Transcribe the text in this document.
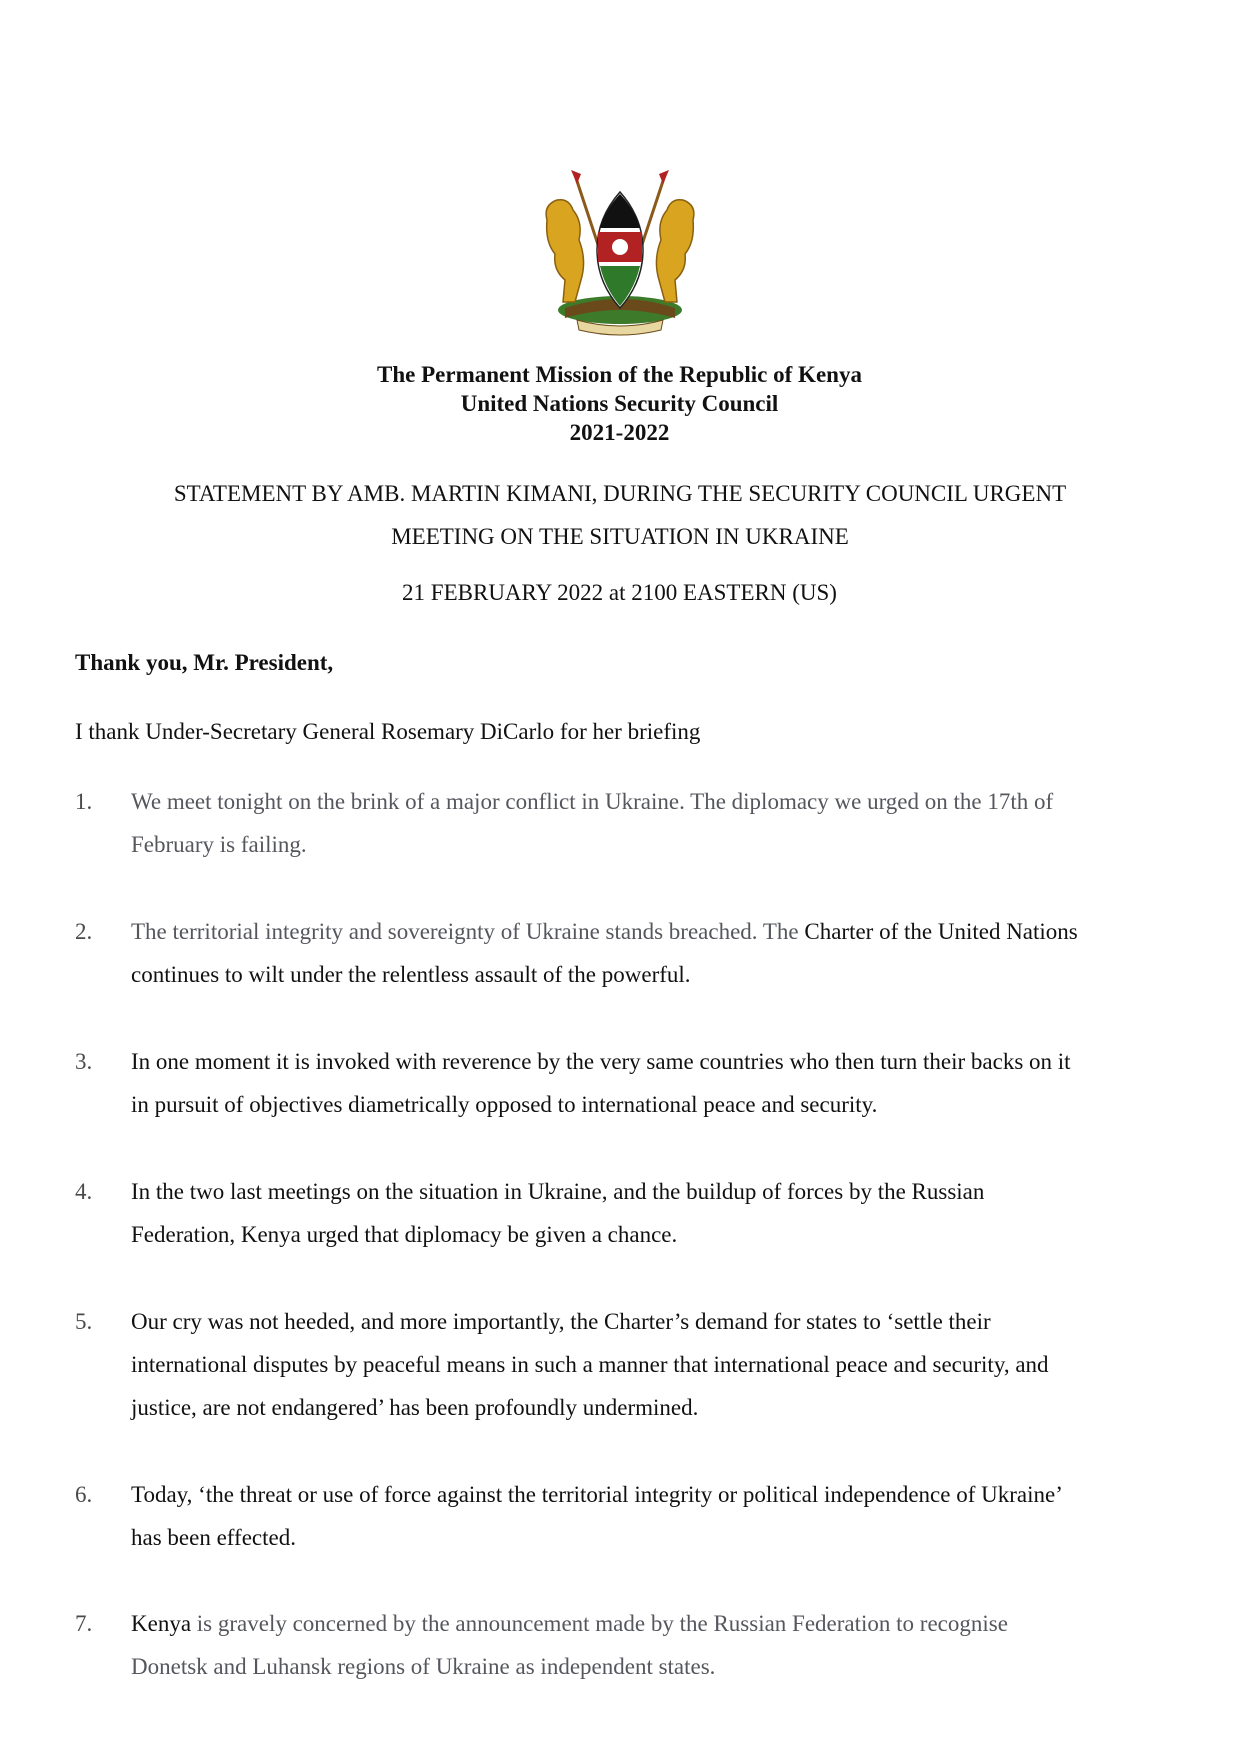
The Permanent Mission of the Republic of Kenya
United Nations Security Council
2021-2022
STATEMENT BY AMB. MARTIN KIMANI, DURING THE SECURITY COUNCIL URGENT
MEETING ON THE SITUATION IN UKRAINE
21 FEBRUARY 2022 at 2100 EASTERN (US)
Thank you, Mr. President,
I thank Under-Secretary General Rosemary DiCarlo for her briefing
1.	We meet tonight on the brink of a major conflict in Ukraine. The diplomacy we urged on the 17th of
February is failing.
2.	The territorial integrity and sovereignty of Ukraine stands breached. The Charter of the United Nations
continues to wilt under the relentless assault of the powerful.
3.	In one moment it is invoked with reverence by the very same countries who then turn their backs on it
in pursuit of objectives diametrically opposed to international peace and security.
4.	In the two last meetings on the situation in Ukraine, and the buildup of forces by the Russian
Federation, Kenya urged that diplomacy be given a chance.
5.	Our cry was not heeded, and more importantly, the Charter’s demand for states to ‘settle their
international disputes by peaceful means in such a manner that international peace and security, and
justice, are not endangered’ has been profoundly undermined.
6.	Today, ‘the threat or use of force against the territorial integrity or political independence of Ukraine’
has been effected.
7.	Kenya is gravely concerned by the announcement made by the Russian Federation to recognise
Donetsk and Luhansk regions of Ukraine as independent states.
